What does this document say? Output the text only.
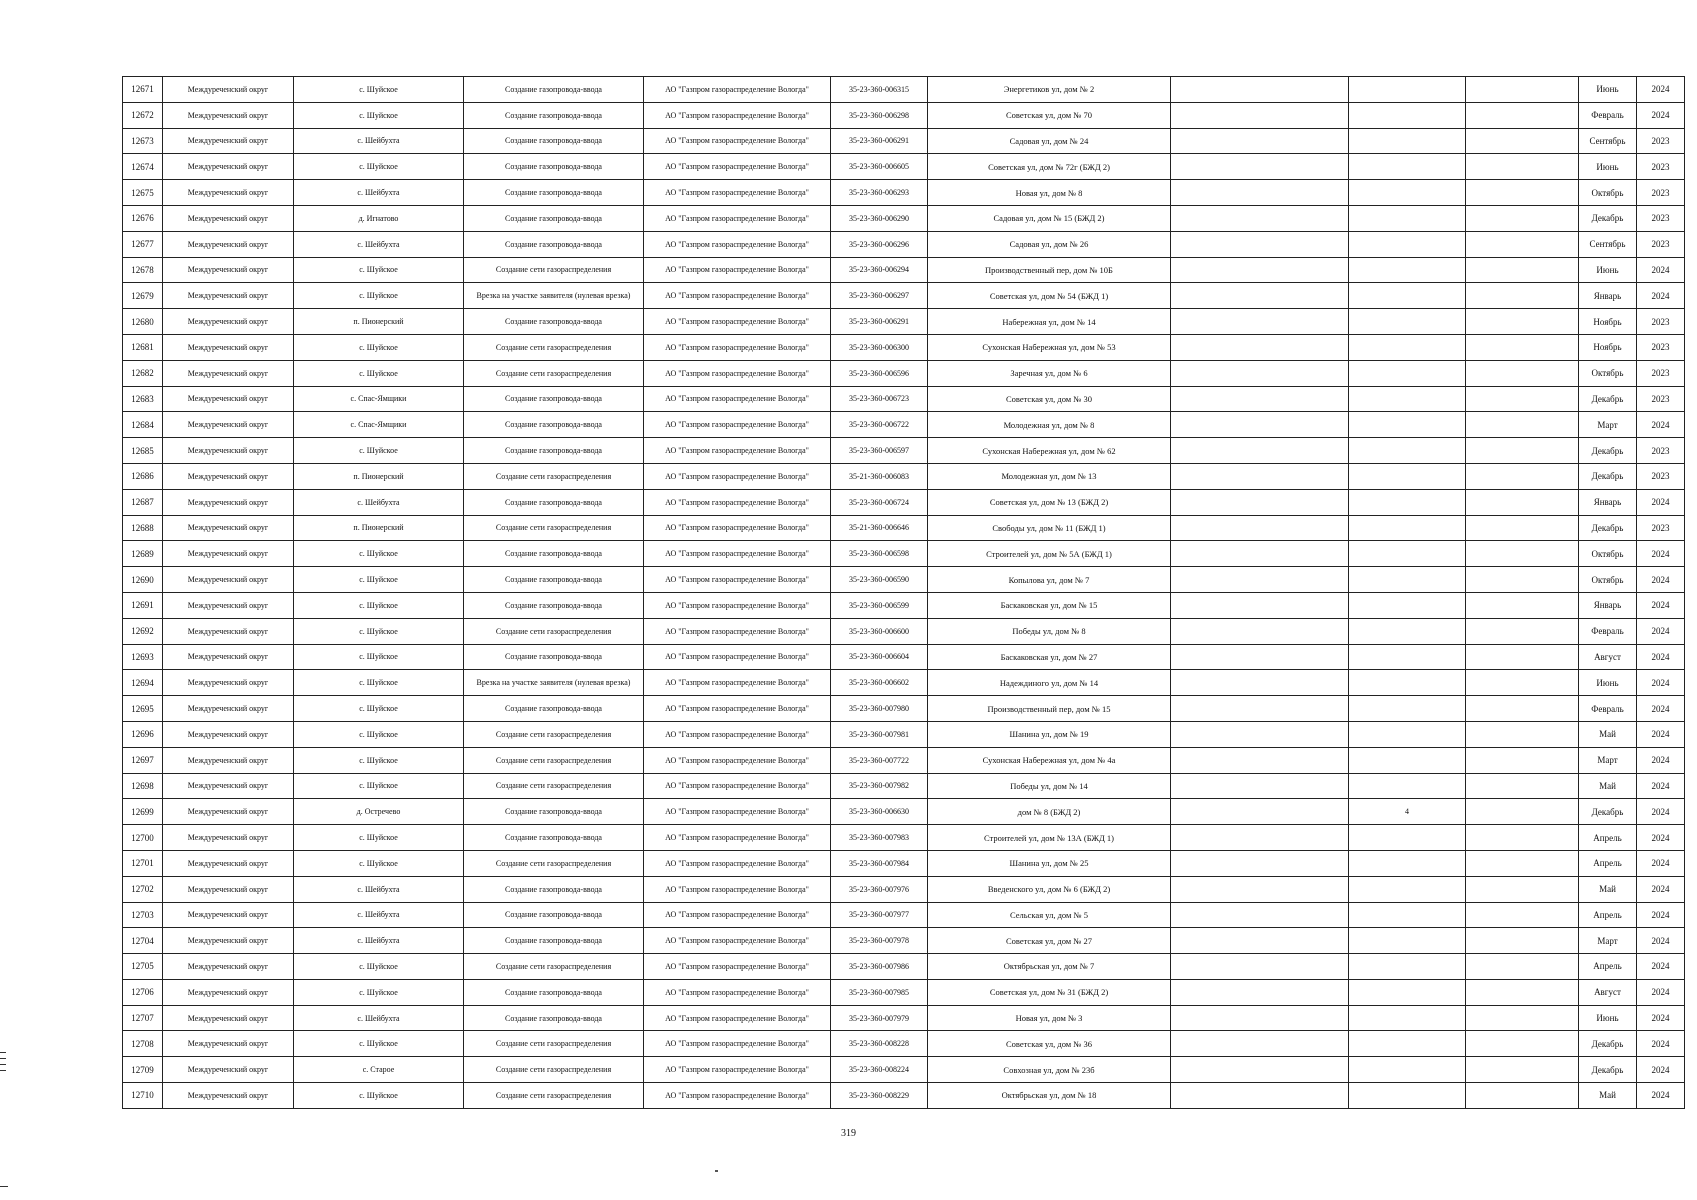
12671	Междуреченский округ	с. Шуйское	Создание газопровода-ввода	АО "Газпром газораспределение Вологда"	35-23-360-006315	Энергетиков ул, дом № 2				Июнь	2024
12672	Междуреченский округ	с. Шуйское	Создание газопровода-ввода	АО "Газпром газораспределение Вологда"	35-23-360-006298	Советская ул, дом № 70				Февраль	2024
12673	Междуреченский округ	с. Шейбухта	Создание газопровода-ввода	АО "Газпром газораспределение Вологда"	35-23-360-006291	Садовая ул, дом № 24				Сентябрь	2023
12674	Междуреченский округ	с. Шуйское	Создание газопровода-ввода	АО "Газпром газораспределение Вологда"	35-23-360-006605	Советская ул, дом № 72г (БЖД 2)				Июнь	2023
12675	Междуреченский округ	с. Шейбухта	Создание газопровода-ввода	АО "Газпром газораспределение Вологда"	35-23-360-006293	Новая ул, дом № 8				Октябрь	2023
12676	Междуреченский округ	д. Игнатово	Создание газопровода-ввода	АО "Газпром газораспределение Вологда"	35-23-360-006290	Садовая ул, дом № 15 (БЖД 2)				Декабрь	2023
12677	Междуреченский округ	с. Шейбухта	Создание газопровода-ввода	АО "Газпром газораспределение Вологда"	35-23-360-006296	Садовая ул, дом № 26				Сентябрь	2023
12678	Междуреченский округ	с. Шуйское	Создание сети газораспределения	АО "Газпром газораспределение Вологда"	35-23-360-006294	Производственный пер, дом № 10Б				Июнь	2024
12679	Междуреченский округ	с. Шуйское	Врезка на участке заявителя (нулевая врезка)	АО "Газпром газораспределение Вологда"	35-23-360-006297	Советская ул, дом № 54 (БЖД 1)				Январь	2024
12680	Междуреченский округ	п. Пионерский	Создание газопровода-ввода	АО "Газпром газораспределение Вологда"	35-23-360-006291	Набережная ул, дом № 14				Ноябрь	2023
12681	Междуреченский округ	с. Шуйское	Создание сети газораспределения	АО "Газпром газораспределение Вологда"	35-23-360-006300	Сухонская Набережная ул, дом № 53				Ноябрь	2023
12682	Междуреченский округ	с. Шуйское	Создание сети газораспределения	АО "Газпром газораспределение Вологда"	35-23-360-006596	Заречная ул, дом № 6				Октябрь	2023
12683	Междуреченский округ	с. Спас-Ямщики	Создание газопровода-ввода	АО "Газпром газораспределение Вологда"	35-23-360-006723	Советская ул, дом № 30				Декабрь	2023
12684	Междуреченский округ	с. Спас-Ямщики	Создание газопровода-ввода	АО "Газпром газораспределение Вологда"	35-23-360-006722	Молодежная ул, дом № 8				Март	2024
12685	Междуреченский округ	с. Шуйское	Создание газопровода-ввода	АО "Газпром газораспределение Вологда"	35-23-360-006597	Сухонская Набережная ул, дом № 62				Декабрь	2023
12686	Междуреченский округ	п. Пионерский	Создание сети газораспределения	АО "Газпром газораспределение Вологда"	35-21-360-006083	Молодежная ул, дом № 13				Декабрь	2023
12687	Междуреченский округ	с. Шейбухта	Создание газопровода-ввода	АО "Газпром газораспределение Вологда"	35-23-360-006724	Советская ул, дом № 13 (БЖД 2)				Январь	2024
12688	Междуреченский округ	п. Пионерский	Создание сети газораспределения	АО "Газпром газораспределение Вологда"	35-21-360-006646	Свободы ул, дом № 11 (БЖД 1)				Декабрь	2023
12689	Междуреченский округ	с. Шуйское	Создание газопровода-ввода	АО "Газпром газораспределение Вологда"	35-23-360-006598	Строителей ул, дом № 5А (БЖД 1)				Октябрь	2024
12690	Междуреченский округ	с. Шуйское	Создание газопровода-ввода	АО "Газпром газораспределение Вологда"	35-23-360-006590	Копылова ул, дом № 7				Октябрь	2024
12691	Междуреченский округ	с. Шуйское	Создание газопровода-ввода	АО "Газпром газораспределение Вологда"	35-23-360-006599	Баскаковская ул, дом № 15				Январь	2024
12692	Междуреченский округ	с. Шуйское	Создание сети газораспределения	АО "Газпром газораспределение Вологда"	35-23-360-006600	Победы ул, дом № 8				Февраль	2024
12693	Междуреченский округ	с. Шуйское	Создание газопровода-ввода	АО "Газпром газораспределение Вологда"	35-23-360-006604	Баскаковская ул, дом № 27				Август	2024
12694	Междуреченский округ	с. Шуйское	Врезка на участке заявителя (нулевая врезка)	АО "Газпром газораспределение Вологда"	35-23-360-006602	Надеждиного ул, дом № 14				Июнь	2024
12695	Междуреченский округ	с. Шуйское	Создание газопровода-ввода	АО "Газпром газораспределение Вологда"	35-23-360-007980	Производственный пер, дом № 15				Февраль	2024
12696	Междуреченский округ	с. Шуйское	Создание сети газораспределения	АО "Газпром газораспределение Вологда"	35-23-360-007981	Шанина ул, дом № 19				Май	2024
12697	Междуреченский округ	с. Шуйское	Создание сети газораспределения	АО "Газпром газораспределение Вологда"	35-23-360-007722	Сухонская Набережная ул, дом № 4а				Март	2024
12698	Междуреченский округ	с. Шуйское	Создание сети газораспределения	АО "Газпром газораспределение Вологда"	35-23-360-007982	Победы ул, дом № 14				Май	2024
12699	Междуреченский округ	д. Остречево	Создание газопровода-ввода	АО "Газпром газораспределение Вологда"	35-23-360-006630	дом № 8 (БЖД 2)		4		Декабрь	2024
12700	Междуреченский округ	с. Шуйское	Создание газопровода-ввода	АО "Газпром газораспределение Вологда"	35-23-360-007983	Строителей ул, дом № 13А (БЖД 1)				Апрель	2024
12701	Междуреченский округ	с. Шуйское	Создание сети газораспределения	АО "Газпром газораспределение Вологда"	35-23-360-007984	Шанина ул, дом № 25				Апрель	2024
12702	Междуреченский округ	с. Шейбухта	Создание газопровода-ввода	АО "Газпром газораспределение Вологда"	35-23-360-007976	Введенского ул, дом № 6 (БЖД 2)				Май	2024
12703	Междуреченский округ	с. Шейбухта	Создание газопровода-ввода	АО "Газпром газораспределение Вологда"	35-23-360-007977	Сельская ул, дом № 5				Апрель	2024
12704	Междуреченский округ	с. Шейбухта	Создание газопровода-ввода	АО "Газпром газораспределение Вологда"	35-23-360-007978	Советская ул, дом № 27				Март	2024
12705	Междуреченский округ	с. Шуйское	Создание сети газораспределения	АО "Газпром газораспределение Вологда"	35-23-360-007986	Октябрьская ул, дом № 7				Апрель	2024
12706	Междуреченский округ	с. Шуйское	Создание газопровода-ввода	АО "Газпром газораспределение Вологда"	35-23-360-007985	Советская ул, дом № 31 (БЖД 2)				Август	2024
12707	Междуреченский округ	с. Шейбухта	Создание газопровода-ввода	АО "Газпром газораспределение Вологда"	35-23-360-007979	Новая ул, дом № 3				Июнь	2024
12708	Междуреченский округ	с. Шуйское	Создание сети газораспределения	АО "Газпром газораспределение Вологда"	35-23-360-008228	Советская ул, дом № 36				Декабрь	2024
12709	Междуреченский округ	с. Старое	Создание сети газораспределения	АО "Газпром газораспределение Вологда"	35-23-360-008224	Совхозная ул, дом № 23б				Декабрь	2024
12710	Междуреченский округ	с. Шуйское	Создание сети газораспределения	АО "Газпром газораспределение Вологда"	35-23-360-008229	Октябрьская ул, дом № 18				Май	2024
319
